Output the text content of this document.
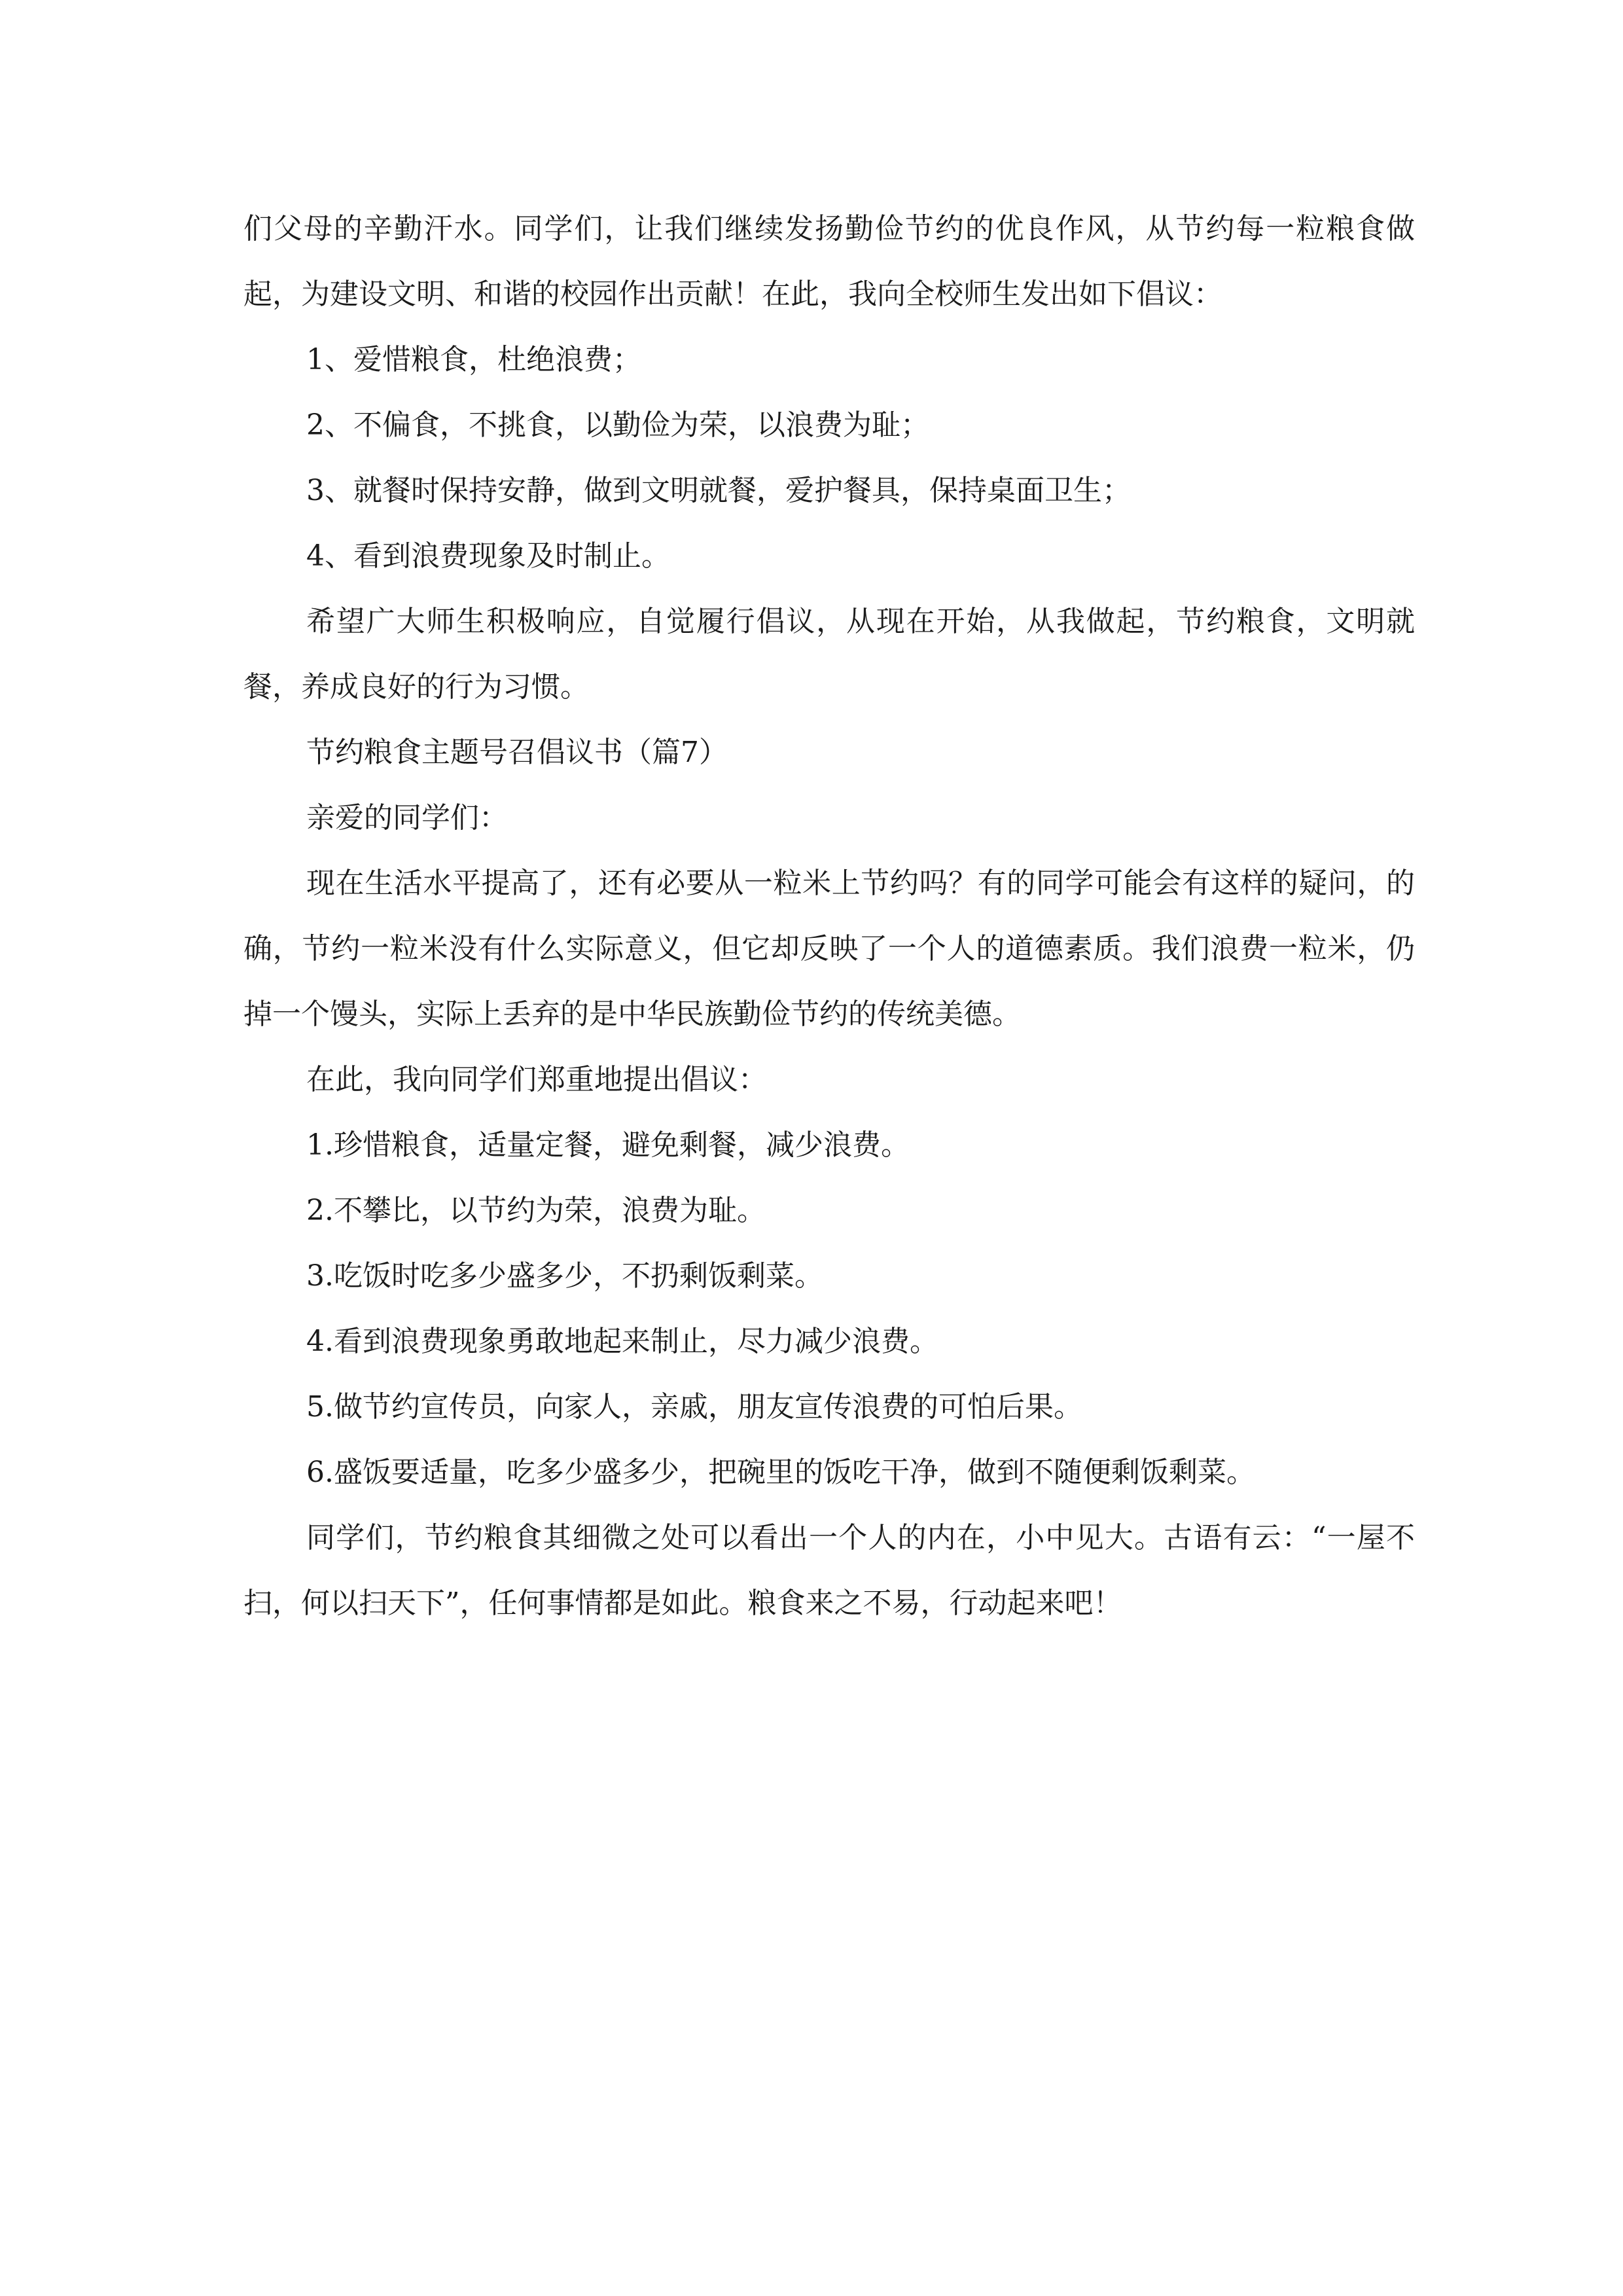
们父母的辛勤汗水。同学们，让我们继续发扬勤俭节约的优良作风，从节约每一粒粮食做起，为建设文明、和谐的校园作出贡献！在此，我向全校师生发出如下倡议：

1、爱惜粮食，杜绝浪费；

2、不偏食，不挑食，以勤俭为荣，以浪费为耻；

3、就餐时保持安静，做到文明就餐，爱护餐具，保持桌面卫生；

4、看到浪费现象及时制止。

希望广大师生积极响应，自觉履行倡议，从现在开始，从我做起，节约粮食，文明就餐，养成良好的行为习惯。

节约粮食主题号召倡议书（篇7）

亲爱的同学们：

现在生活水平提高了，还有必要从一粒米上节约吗？有的同学可能会有这样的疑问，的确，节约一粒米没有什么实际意义，但它却反映了一个人的道德素质。我们浪费一粒米，仍掉一个馒头，实际上丢弃的是中华民族勤俭节约的传统美德。

在此，我向同学们郑重地提出倡议：

1.珍惜粮食，适量定餐，避免剩餐，减少浪费。

2.不攀比，以节约为荣，浪费为耻。

3.吃饭时吃多少盛多少，不扔剩饭剩菜。

4.看到浪费现象勇敢地起来制止，尽力减少浪费。

5.做节约宣传员，向家人，亲戚，朋友宣传浪费的可怕后果。

6.盛饭要适量，吃多少盛多少，把碗里的饭吃干净，做到不随便剩饭剩菜。

同学们，节约粮食其细微之处可以看出一个人的内在，小中见大。古语有云：“一屋不扫，何以扫天下”，任何事情都是如此。粮食来之不易，行动起来吧！
